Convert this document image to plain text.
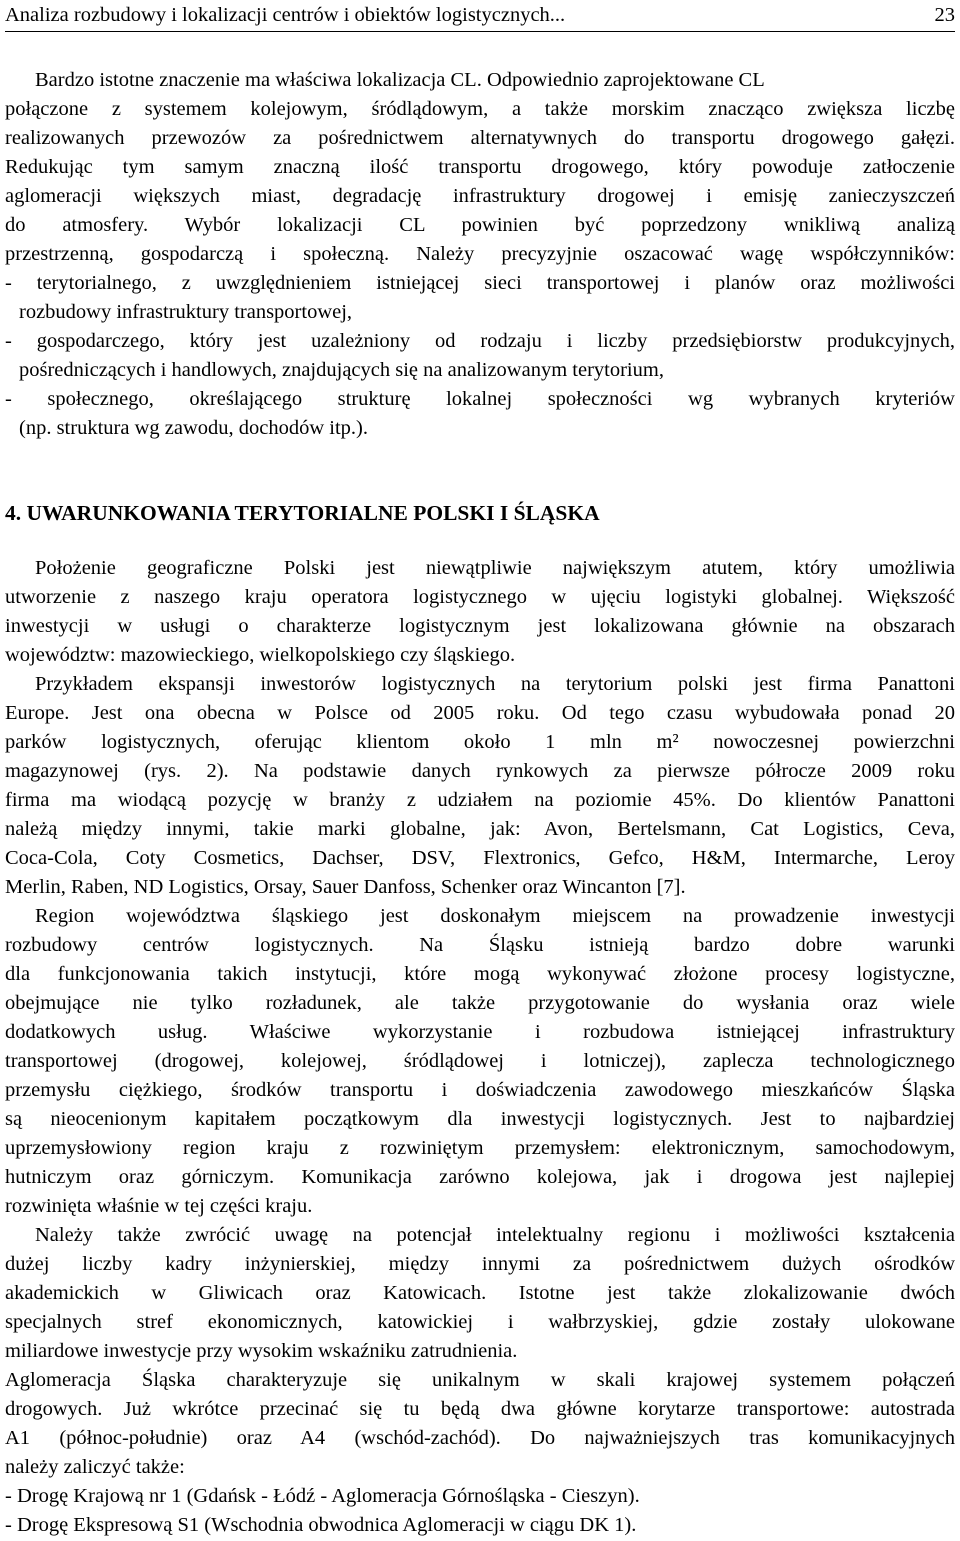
Analiza rozbudowy i lokalizacji centrów i obiektów logistycznych...	23
Bardzo istotne znaczenie ma właściwa lokalizacja CL. Odpowiednio zaprojektowane CL
połączone z systemem kolejowym, śródlądowym, a także morskim znacząco zwiększa liczbę
realizowanych przewozów za pośrednictwem alternatywnych do transportu drogowego gałęzi.
Redukując tym samym znaczną ilość transportu drogowego, który powoduje zatłoczenie
aglomeracji większych miast, degradację infrastruktury drogowej i emisję zanieczyszczeń
do atmosfery. Wybór lokalizacji CL powinien być poprzedzony wnikliwą analizą
przestrzenną, gospodarczą i społeczną. Należy precyzyjnie oszacować wagę współczynników:
- terytorialnego, z uwzględnieniem istniejącej sieci transportowej i planów oraz możliwości
rozbudowy infrastruktury transportowej,
- gospodarczego, który jest uzależniony od rodzaju i liczby przedsiębiorstw produkcyjnych,
pośredniczących i handlowych, znajdujących się na analizowanym terytorium,
- społecznego, określającego strukturę lokalnej społeczności wg wybranych kryteriów
(np. struktura wg zawodu, dochodów itp.).
4. UWARUNKOWANIA TERYTORIALNE POLSKI I ŚLĄSKA
Położenie geograficzne Polski jest niewątpliwie największym atutem, który umożliwia
utworzenie z naszego kraju operatora logistycznego w ujęciu logistyki globalnej. Większość
inwestycji w usługi o charakterze logistycznym jest lokalizowana głównie na obszarach
województw: mazowieckiego, wielkopolskiego czy śląskiego.
Przykładem ekspansji inwestorów logistycznych na terytorium polski jest firma Panattoni
Europe. Jest ona obecna w Polsce od 2005 roku. Od tego czasu wybudowała ponad 20
parków logistycznych, oferując klientom około 1 mln m² nowoczesnej powierzchni
magazynowej (rys. 2). Na podstawie danych rynkowych za pierwsze półrocze 2009 roku
firma ma wiodącą pozycję w branży z udziałem na poziomie 45%. Do klientów Panattoni
należą między innymi, takie marki globalne, jak: Avon, Bertelsmann, Cat Logistics, Ceva,
Coca-Cola, Coty Cosmetics, Dachser, DSV, Flextronics, Gefco, H&M, Intermarche, Leroy
Merlin, Raben, ND Logistics, Orsay, Sauer Danfoss, Schenker oraz Wincanton [7].
Region województwa śląskiego jest doskonałym miejscem na prowadzenie inwestycji
rozbudowy centrów logistycznych. Na Śląsku istnieją bardzo dobre warunki
dla funkcjonowania takich instytucji, które mogą wykonywać złożone procesy logistyczne,
obejmujące nie tylko rozładunek, ale także przygotowanie do wysłania oraz wiele
dodatkowych usług. Właściwe wykorzystanie i rozbudowa istniejącej infrastruktury
transportowej (drogowej, kolejowej, śródlądowej i lotniczej), zaplecza technologicznego
przemysłu ciężkiego, środków transportu i doświadczenia zawodowego mieszkańców Śląska
są nieocenionym kapitałem początkowym dla inwestycji logistycznych. Jest to najbardziej
uprzemysłowiony region kraju z rozwiniętym przemysłem: elektronicznym, samochodowym,
hutniczym oraz górniczym. Komunikacja zarówno kolejowa, jak i drogowa jest najlepiej
rozwinięta właśnie w tej części kraju.
Należy także zwrócić uwagę na potencjał intelektualny regionu i możliwości kształcenia
dużej liczby kadry inżynierskiej, między innymi za pośrednictwem dużych ośrodków
akademickich w Gliwicach oraz Katowicach. Istotne jest także zlokalizowanie dwóch
specjalnych stref ekonomicznych, katowickiej i wałbrzyskiej, gdzie zostały ulokowane
miliardowe inwestycje przy wysokim wskaźniku zatrudnienia.
Aglomeracja Śląska charakteryzuje się unikalnym w skali krajowej systemem połączeń
drogowych. Już wkrótce przecinać się tu będą dwa główne korytarze transportowe: autostrada
A1 (północ-południe) oraz A4 (wschód-zachód). Do najważniejszych tras komunikacyjnych
należy zaliczyć także:
- Drogę Krajową nr 1 (Gdańsk - Łódź - Aglomeracja Górnośląska - Cieszyn).
- Drogę Ekspresową S1 (Wschodnia obwodnica Aglomeracji w ciągu DK 1).
